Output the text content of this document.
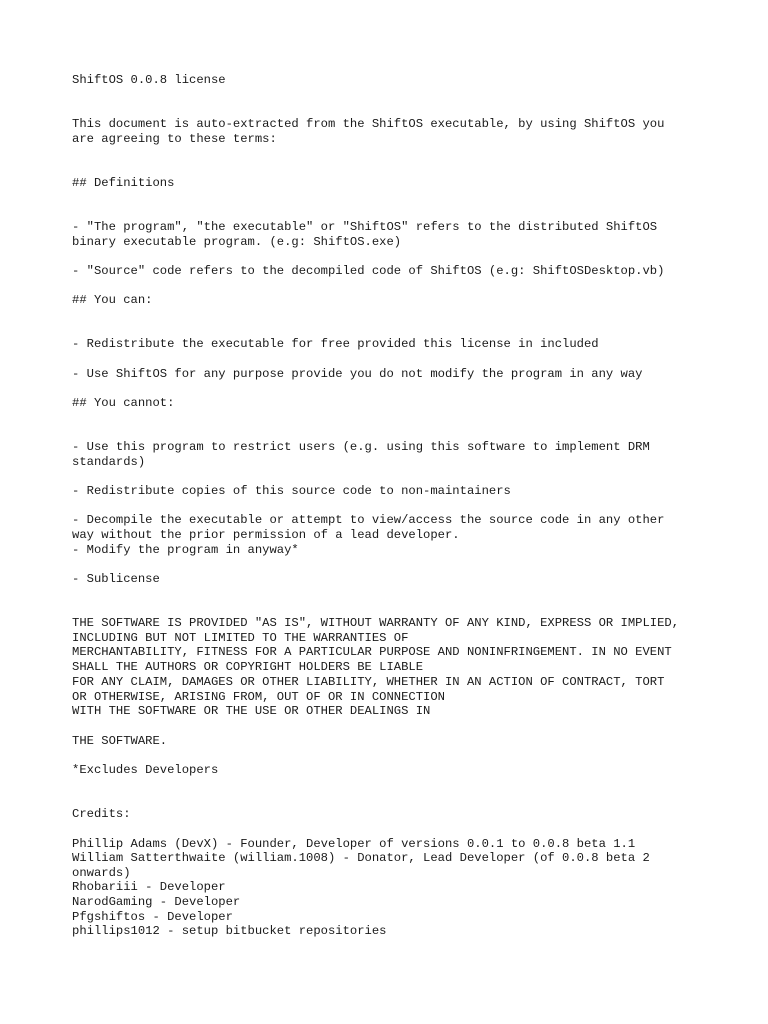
ShiftOS 0.0.8 license

This document is auto-extracted from the ShiftOS executable, by using ShiftOS you

are agreeing to these terms:

## Definitions

- "The program", "the executable" or "ShiftOS" refers to the distributed ShiftOS

binary executable program. (e.g: ShiftOS.exe)

- "Source" code refers to the decompiled code of ShiftOS (e.g: ShiftOSDesktop.vb)

## You can:

- Redistribute the executable for free provided this license in included

- Use ShiftOS for any purpose provide you do not modify the program in any way

## You cannot:

- Use this program to restrict users (e.g. using this software to implement DRM

standards)

- Redistribute copies of this source code to non-maintainers

- Decompile the executable or attempt to view/access the source code in any other

way without the prior permission of a lead developer.

- Modify the program in anyway*

- Sublicense

THE SOFTWARE IS PROVIDED "AS IS", WITHOUT WARRANTY OF ANY KIND, EXPRESS OR IMPLIED,

INCLUDING BUT NOT LIMITED TO THE WARRANTIES OF

MERCHANTABILITY, FITNESS FOR A PARTICULAR PURPOSE AND NONINFRINGEMENT. IN NO EVENT

SHALL THE AUTHORS OR COPYRIGHT HOLDERS BE LIABLE

FOR ANY CLAIM, DAMAGES OR OTHER LIABILITY, WHETHER IN AN ACTION OF CONTRACT, TORT

OR OTHERWISE, ARISING FROM, OUT OF OR IN CONNECTION

WITH THE SOFTWARE OR THE USE OR OTHER DEALINGS IN

THE SOFTWARE.

*Excludes Developers

Credits:

Phillip Adams (DevX) - Founder, Developer of versions 0.0.1 to 0.0.8 beta 1.1

William Satterthwaite (william.1008) - Donator, Lead Developer (of 0.0.8 beta 2

onwards)

Rhobariii - Developer

NarodGaming - Developer

Pfgshiftos - Developer

phillips1012 - setup bitbucket repositories
